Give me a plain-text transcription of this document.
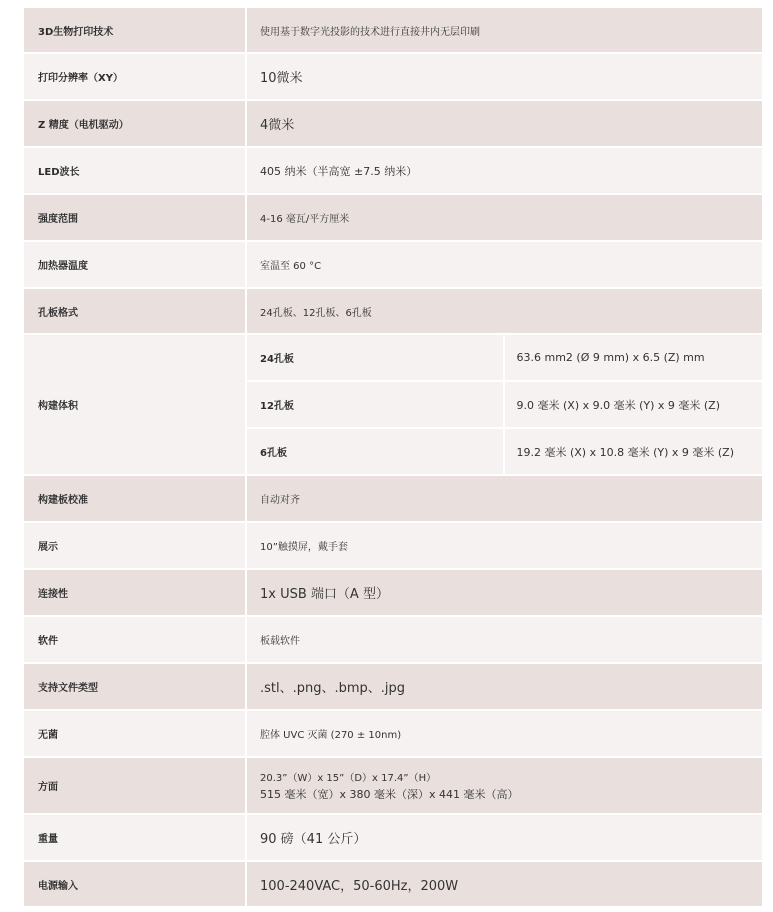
3D生物打印技术	使用基于数字光投影的技术进行直接井内无层印刷	
打印分辨率（XY）	10微米	
Z 精度（电机驱动）	4微米	
LED波长	405 纳米（半高宽 ±7.5 纳米）	
强度范围	4-16 毫瓦/平方厘米	
加热器温度	室温至 60 °C	
孔板格式	24孔板、12孔板、6孔板	
构建体积	24孔板	63.6 mm2 (Ø 9 mm) x 6.5 (Z) mm
	12孔板	9.0 毫米 (X) x 9.0 毫米 (Y) x 9 毫米 (Z)
	6孔板	19.2 毫米 (X) x 10.8 毫米 (Y) x 9 毫米 (Z)
构建板校准	自动对齐	
展示	10”触摸屏，戴手套	
连接性	1x USB 端口（A 型）	
软件	板载软件	
支持文件类型	.stl、.png、.bmp、.jpg	
无菌	腔体 UVC 灭菌 (270 ± 10nm)	
方面	20.3”（W）x 15”（D）x 17.4”（H）
515 毫米（宽）x 380 毫米（深）x 441 毫米（高）	

重量	90 磅（41 公斤）	
电源输入	100-240VAC，50-60Hz，200W	
